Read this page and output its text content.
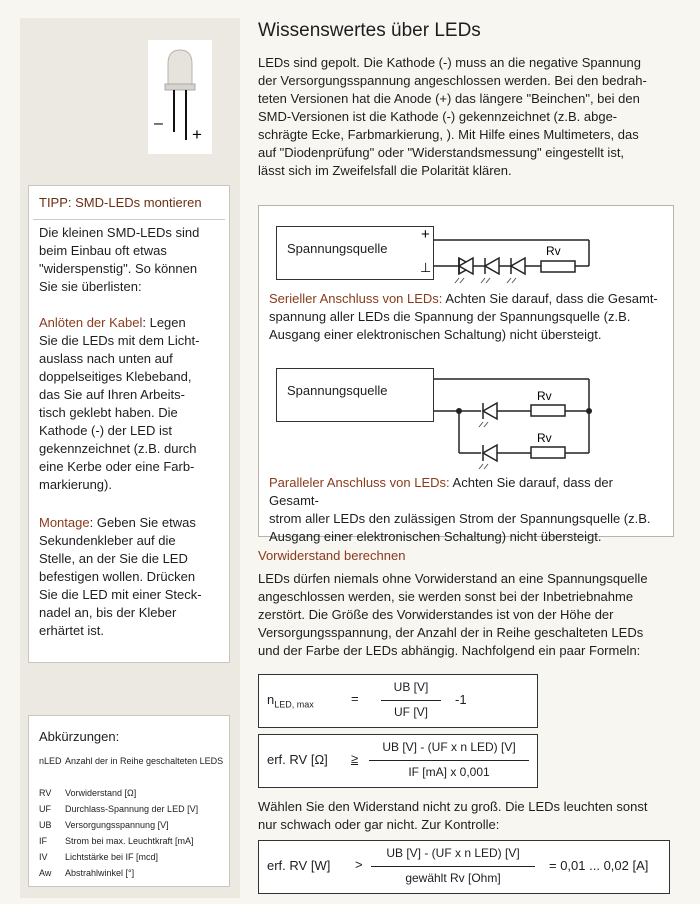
–
+
TIPP: SMD-LEDs montieren
Die kleinen SMD-LEDs sind
beim Einbau oft etwas
"widerspenstig". So können
Sie sie überlisten:
Anlöten der Kabel: Legen
Sie die LEDs mit dem Licht-
auslass nach unten auf
doppelseitiges Klebeband,
das Sie auf Ihren Arbeits-
tisch geklebt haben. Die
Kathode (-) der LED ist
gekennzeichnet (z.B. durch
eine Kerbe oder eine Farb-
markierung).
Montage: Geben Sie etwas
Sekundenkleber auf die
Stelle, an der Sie die LED
befestigen wollen. Drücken
Sie die LED mit einer Steck-
nadel an, bis der Kleber
erhärtet ist.
Abkürzungen:
nLED Anzahl der in Reihe geschalteten LEDS
RV	Vorwiderstand [Ω]
UF	Durchlass-Spannung der LED [V]
UB	Versorgungsspannung [V]
IF	Strom bei max. Leuchtkraft [mA]
IV	Lichtstärke bei IF [mcd]
Aw	Abstrahlwinkel [°]
Wissenswertes über LEDs
LEDs sind gepolt. Die Kathode (-) muss an die negative Spannung
der Versorgungsspannung angeschlossen werden. Bei den bedrah-
teten Versionen hat die Anode (+) das längere "Beinchen", bei den
SMD-Versionen ist die Kathode (-) gekennzeichnet (z.B. abge-
schrägte Ecke, Farbmarkierung, ). Mit Hilfe eines Multimeters, das
auf "Diodenprüfung" oder "Widerstandsmessung" eingestellt ist,
lässt sich im Zweifelsfall die Polarität klären.
Spannungsquelle
+
⊥
Rv
Rv
Rv
Serieller Anschluss von LEDs: Achten Sie darauf, dass die Gesamt-
spannung aller LEDs die Spannung der Spannungsquelle (z.B.
Ausgang einer elektronischen Schaltung) nicht übersteigt.
Spannungsquelle
Paralleler Anschluss von LEDs: Achten Sie darauf, dass der Gesamt-
strom aller LEDs den zulässigen Strom der Spannungsquelle (z.B.
Ausgang einer elektronischen Schaltung) nicht übersteigt.
Vorwiderstand berechnen
LEDs dürfen niemals ohne Vorwiderstand an eine Spannungsquelle
angeschlossen werden, sie werden sonst bei der Inbetriebnahme
zerstört. Die Größe des Vorwiderstandes ist von der Höhe der
Versorgungsspannung, der Anzahl der in Reihe geschalteten LEDs
und der Farbe der LEDs abhängig. Nachfolgend ein paar Formeln:
$n_{LED, max}$	=
UB [V]
UF [V]
-1
erf. RV [Ω] ≥
UB [V] - (UF x n LED) [V]
IF [mA] x 0,001
Wählen Sie den Widerstand nicht zu groß. Die LEDs leuchten sonst
nur schwach oder gar nicht. Zur Kontrolle:
erf. RV [W] >
UB [V] - (UF x n LED) [V]
gewählt Rv [Ohm]
= 0,01 ... 0,02 [A]
